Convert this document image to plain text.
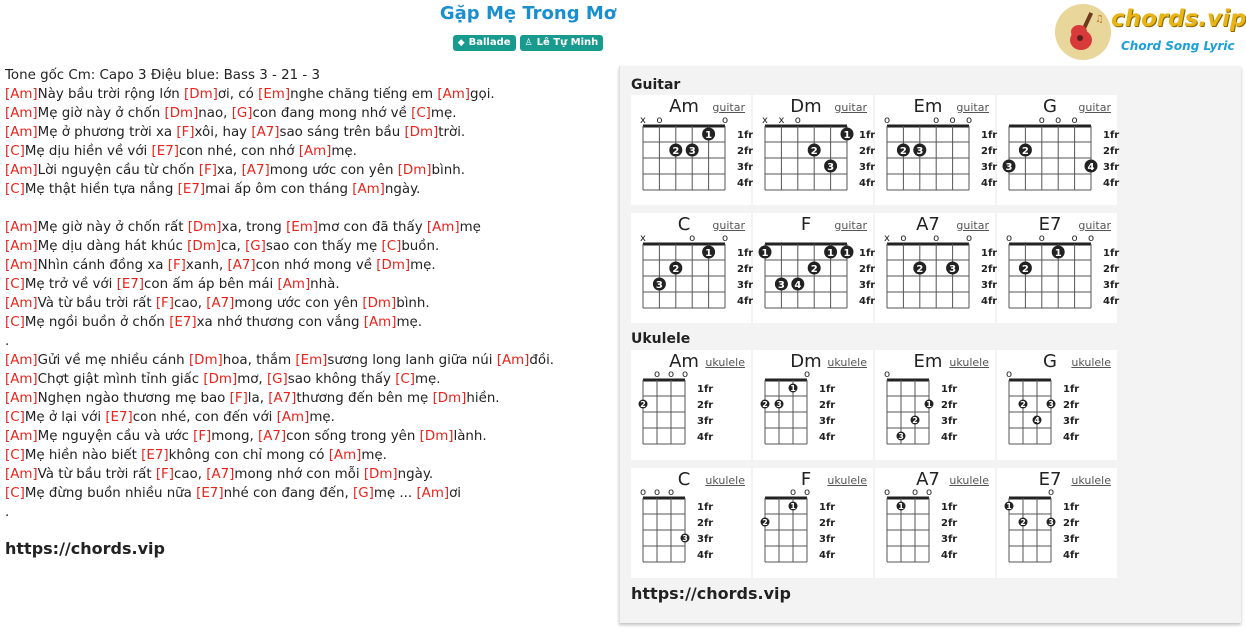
Gặp Mẹ Trong Mơ
◆ Ballade ♙ Lê Tự Minh
♫ chords.vip
Chord Song Lyric
Tone gốc Cm: Capo 3 Điệu blue: Bass 3 - 21 - 3
[Am]Này bầu trời rộng lớn [Dm]ơi, có [Em]nghe chăng tiếng em [Am]gọi.
[Am]Mẹ giờ này ở chốn [Dm]nao, [G]con đang mong nhớ về [C]mẹ.
[Am]Mẹ ở phương trời xa [F]xôi, hay [A7]sao sáng trên bầu [Dm]trời.
[C]Mẹ dịu hiền về với [E7]con nhé, con nhớ [Am]mẹ.
[Am]Lời nguyện cầu từ chốn [F]xa, [A7]mong ước con yên [Dm]bình.
[C]Mẹ thật hiền tựa nắng [E7]mai ấp ôm con tháng [Am]ngày.
[Am]Mẹ giờ này ở chốn rất [Dm]xa, trong [Em]mơ con đã thấy [Am]mẹ
[Am]Mẹ dịu dàng hát khúc [Dm]ca, [G]sao con thấy mẹ [C]buồn.
[Am]Nhìn cánh đồng xa [F]xanh, [A7]con nhớ mong về [Dm]mẹ.
[C]Mẹ trở về với [E7]con ấm áp bên mái [Am]nhà.
[Am]Và từ bầu trời rất [F]cao, [A7]mong ước con yên [Dm]bình.
[C]Mẹ ngồi buồn ở chốn [E7]xa nhớ thương con vắng [Am]mẹ.
.
[Am]Gửi về mẹ nhiều cánh [Dm]hoa, thắm [Em]sương long lanh giữa núi [Am]đồi.
[Am]Chợt giật mình tỉnh giấc [Dm]mơ, [G]sao không thấy [C]mẹ.
[Am]Nghẹn ngào thương mẹ bao [F]la, [A7]thương đến bên mẹ [Dm]hiền.
[C]Mẹ ở lại với [E7]con nhé, con đến với [Am]mẹ.
[Am]Mẹ nguyện cầu và ước [F]mong, [A7]con sống trong yên [Dm]lành.
[C]Mẹ hiền nào biết [E7]không con chỉ mong có [Am]mẹ.
[Am]Và từ bầu trời rất [F]cao, [A7]mong nhớ con mỗi [Dm]ngày.
[C]Mẹ đừng buồn nhiều nữa [E7]nhé con đang đến, [G]mẹ ... [Am]ơi
.
https://chords.vip
Guitar
Am	guitar
x o	o
1fr
2fr
3fr
4fr
1
2 3
Dm	guitar
x x o
1fr
2fr
3fr
4fr
1
2
3
Em	guitar
o	o o o
1fr
2fr
3fr
4fr
2 3
G	guitar
o o o
1fr
2fr
3fr
4fr
2
3	4
C	guitar
x	o	o
1fr
2fr
3fr
4fr
1
2
3
F	guitar
1fr
2fr
3fr
4fr
1	1 1
2
3 4
A7	guitar
x o	o	o
1fr
2fr
3fr
4fr
2	3
E7	guitar
o	o	o o
1fr
2fr
3fr
4fr
1
2
Ukulele
Am ukulele
o o o
1fr
2fr
3fr
4fr
2
Dm ukulele
o
1fr
2fr
3fr
4fr
1
2 3
Em ukulele
o
1fr
2fr
3fr
4fr
1
2
3
G	ukulele
o
1fr
2fr
3fr
4fr
2	3
4
C	ukulele
o o o
1fr
2fr
3fr
4fr
3
F	ukulele
o o
1fr
2fr
3fr
4fr
1
2
A7 ukulele
o o o
1fr
2fr
3fr
4fr
1
E7 ukulele
o
1fr
2fr
3fr
4fr
1
2	3
https://chords.vip
